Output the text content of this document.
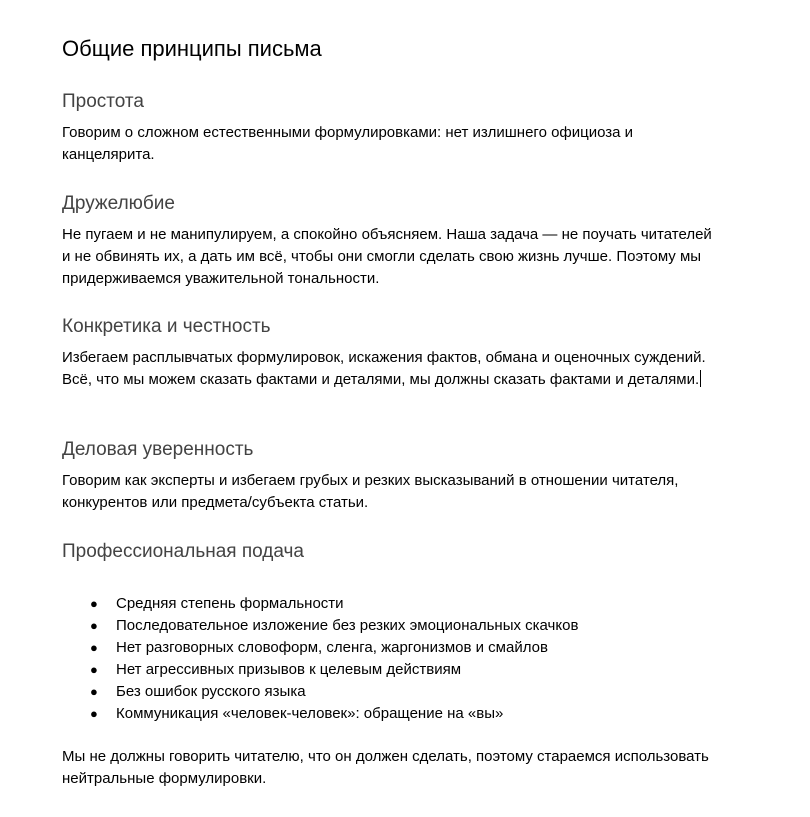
Общие принципы письма
Простота

Говорим о сложном естественными формулировками: нет излишнего официоза и канцелярита.

Дружелюбие

Не пугаем и не манипулируем, а спокойно объясняем. Наша задача — не поучать читателей и не обвинять их, а дать им всё, чтобы они смогли сделать свою жизнь лучше. Поэтому мы придерживаемся уважительной тональности.

Конкретика и честность

Избегаем расплывчатых формулировок, искажения фактов, обмана и оценочных суждений. Всё, что мы можем сказать фактами и деталями, мы должны сказать фактами и деталями.

Деловая уверенность

Говорим как эксперты и избегаем грубых и резких высказываний в отношении читателя, конкурентов или предмета/субъекта статьи.

Профессиональная подача
● Средняя степень формальности
● Последовательное изложение без резких эмоциональных скачков
● Нет разговорных словоформ, сленга, жаргонизмов и смайлов
● Нет агрессивных призывов к целевым действиям
● Без ошибок русского языка
● Коммуникация «человек-человек»: обращение на «вы»

Мы не должны говорить читателю, что он должен сделать, поэтому стараемся использовать нейтральные формулировки.
